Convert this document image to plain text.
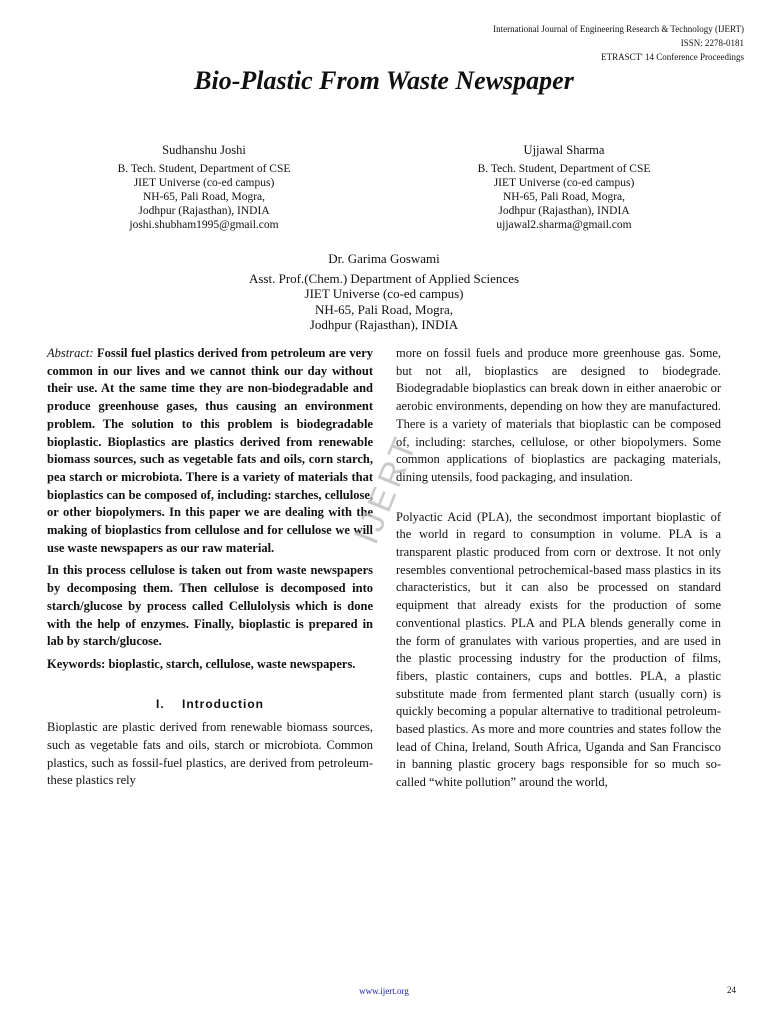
International Journal of Engineering Research & Technology (IJERT)
ISSN: 2278-0181
ETRASCT' 14 Conference Proceedings
Bio-Plastic From Waste Newspaper
Sudhanshu Joshi
B. Tech. Student, Department of CSE
JIET Universe (co-ed campus)
NH-65, Pali Road, Mogra,
Jodhpur (Rajasthan), INDIA
joshi.shubham1995@gmail.com
Ujjawal Sharma
B. Tech. Student, Department of CSE
JIET Universe (co-ed campus)
NH-65, Pali Road, Mogra,
Jodhpur (Rajasthan), INDIA
ujjawal2.sharma@gmail.com
Dr. Garima Goswami
Asst. Prof.(Chem.) Department of Applied Sciences
JIET Universe (co-ed campus)
NH-65, Pali Road, Mogra,
Jodhpur (Rajasthan), INDIA

Abstract: Fossil fuel plastics derived from petroleum are very common in our lives and we cannot think our day without their use. At the same time they are non-biodegradable and produce greenhouse gases, thus causing an environment problem. The solution to this problem is biodegradable bioplastic. Bioplastics are plastics derived from renewable biomass sources, such as vegetable fats and oils, corn starch, pea starch or microbiota. There is a variety of materials that bioplastics can be composed of, including: starches, cellulose, or other biopolymers. In this paper we are dealing with the making of bioplastics from cellulose and for cellulose we will use waste newspapers as our raw material.

In this process cellulose is taken out from waste newspapers by decomposing them. Then cellulose is decomposed into starch/glucose by process called Cellulolysis which is done with the help of enzymes. Finally, bioplastic is prepared in lab by starch/glucose.

Keywords: bioplastic, starch, cellulose, waste newspapers.

I. Introduction

Bioplastic are plastic derived from renewable biomass sources, such as vegetable fats and oils, starch or microbiota. Common plastics, such as fossil-fuel plastics, are derived from petroleum- these plastics rely

more on fossil fuels and produce more greenhouse gas. Some, but not all, bioplastics are designed to biodegrade. Biodegradable bioplastics can break down in either anaerobic or aerobic environments, depending on how they are manufactured. There is a variety of materials that bioplastic can be composed of, including: starches, cellulose, or other biopolymers. Some common applications of bioplastics are packaging materials, dining utensils, food packaging, and insulation.

Polyactic Acid (PLA), the secondmost important bioplastic of the world in regard to consumption in volume. PLA is a transparent plastic produced from corn or dextrose. It not only resembles conventional petrochemical-based mass plastics in its characteristics, but it can also be processed on standard equipment that already exists for the production of some conventional plastics. PLA and PLA blends generally come in the form of granulates with various properties, and are used in the plastic processing industry for the production of films, fibers, plastic containers, cups and bottles. PLA, a plastic substitute made from fermented plant starch (usually corn) is quickly becoming a popular alternative to traditional petroleum-based plastics. As more and more countries and states follow the lead of China, Ireland, South Africa, Uganda and San Francisco in banning plastic grocery bags responsible for so much so-called “white pollution” around the world,

IJERT
www.ijert.org	24
